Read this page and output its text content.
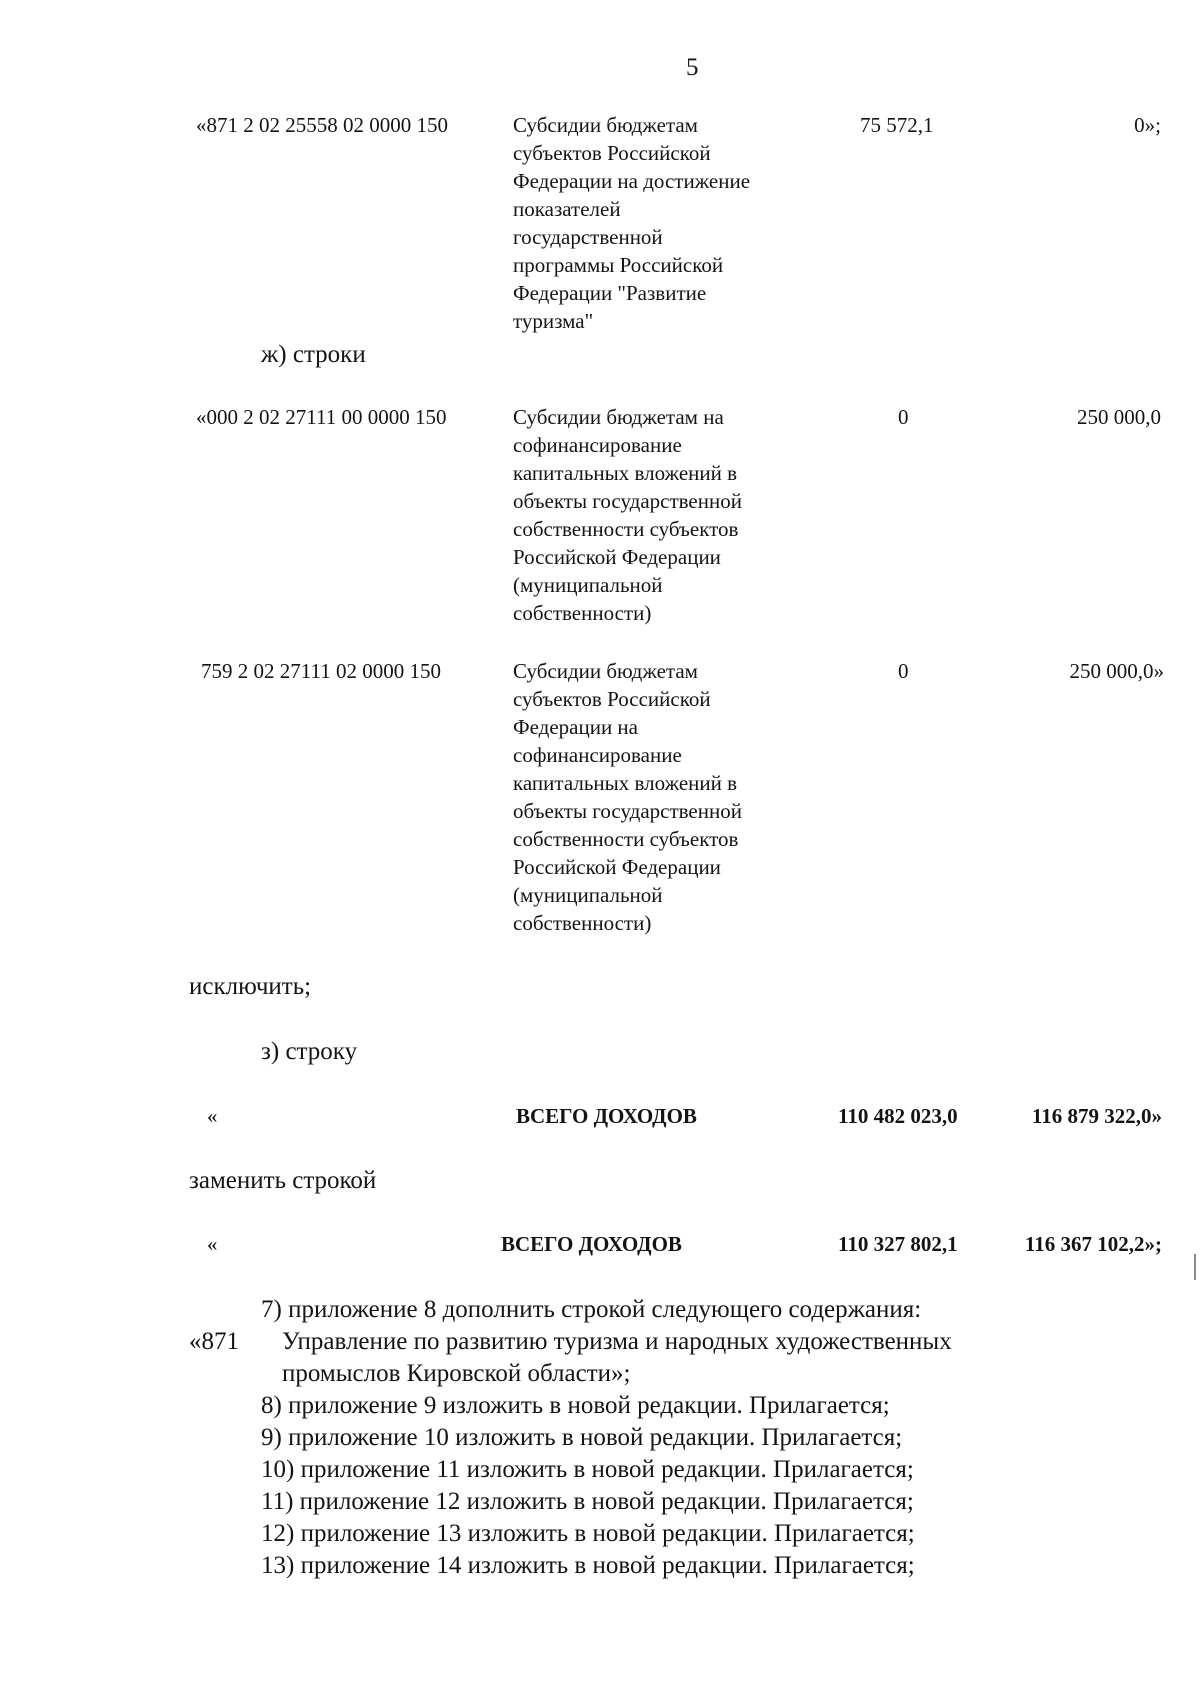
5
«871 2 02 25558 02 0000 150	Субсидии бюджетам
субъектов Российской
Федерации на достижение
показателей
государственной
программы Российской
Федерации "Развитие
туризма"
75 572,1	0»;
ж) строки
«000 2 02 27111 00 0000 150	Субсидии бюджетам на
софинансирование
капитальных вложений в
объекты государственной
собственности субъектов
Российской Федерации
(муниципальной
собственности)
0	250 000,0
759 2 02 27111 02 0000 150	Субсидии бюджетам
субъектов Российской
Федерации на
софинансирование
капитальных вложений в
объекты государственной
собственности субъектов
Российской Федерации
(муниципальной
собственности)
0	250 000,0»
исключить;
з) строку
«	ВСЕГО ДОХОДОВ	110 482 023,0	116 879 322,0»
заменить строкой
«	ВСЕГО ДОХОДОВ	110 327 802,1	116 367 102,2»;
7) приложение 8 дополнить строкой следующего содержания:
«871 Управление по развитию туризма и народных художественных
промыслов Кировской области»;
8) приложение 9 изложить в новой редакции. Прилагается;
9) приложение 10 изложить в новой редакции. Прилагается;
10) приложение 11 изложить в новой редакции. Прилагается;
11) приложение 12 изложить в новой редакции. Прилагается;
12) приложение 13 изложить в новой редакции. Прилагается;
13) приложение 14 изложить в новой редакции. Прилагается;
